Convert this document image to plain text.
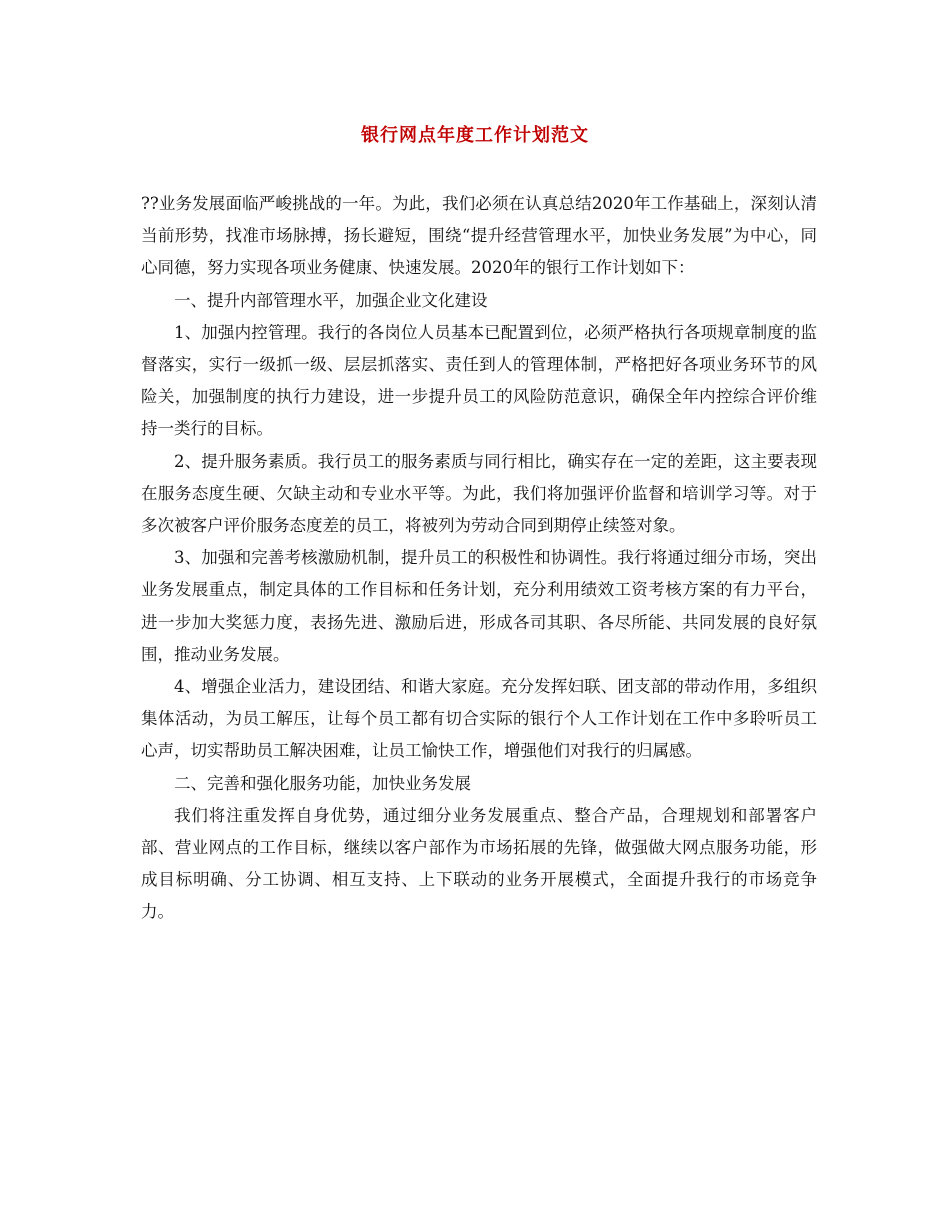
银行网点年度工作计划范文

??业务发展面临严峻挑战的一年。为此，我们必须在认真总结2020年工作基础上，深刻认清当前形势，找准市场脉搏，扬长避短，围绕“提升经营管理水平，加快业务发展”为中心，同心同德，努力实现各项业务健康、快速发展。2020年的银行工作计划如下：

一、提升内部管理水平，加强企业文化建设

1、加强内控管理。我行的各岗位人员基本已配置到位，必须严格执行各项规章制度的监督落实，实行一级抓一级、层层抓落实、责任到人的管理体制，严格把好各项业务环节的风险关，加强制度的执行力建设，进一步提升员工的风险防范意识，确保全年内控综合评价维持一类行的目标。

2、提升服务素质。我行员工的服务素质与同行相比，确实存在一定的差距，这主要表现在服务态度生硬、欠缺主动和专业水平等。为此，我们将加强评价监督和培训学习等。对于多次被客户评价服务态度差的员工，将被列为劳动合同到期停止续签对象。

3、加强和完善考核激励机制，提升员工的积极性和协调性。我行将通过细分市场，突出业务发展重点，制定具体的工作目标和任务计划，充分利用绩效工资考核方案的有力平台，进一步加大奖惩力度，表扬先进、激励后进，形成各司其职、各尽所能、共同发展的良好氛围，推动业务发展。

4、增强企业活力，建设团结、和谐大家庭。充分发挥妇联、团支部的带动作用，多组织集体活动，为员工解压，让每个员工都有切合实际的银行个人工作计划在工作中多聆听员工心声，切实帮助员工解决困难，让员工愉快工作，增强他们对我行的归属感。

二、完善和强化服务功能，加快业务发展

我们将注重发挥自身优势，通过细分业务发展重点、整合产品，合理规划和部署客户部、营业网点的工作目标，继续以客户部作为市场拓展的先锋，做强做大网点服务功能，形成目标明确、分工协调、相互支持、上下联动的业务开展模式，全面提升我行的市场竞争力。
